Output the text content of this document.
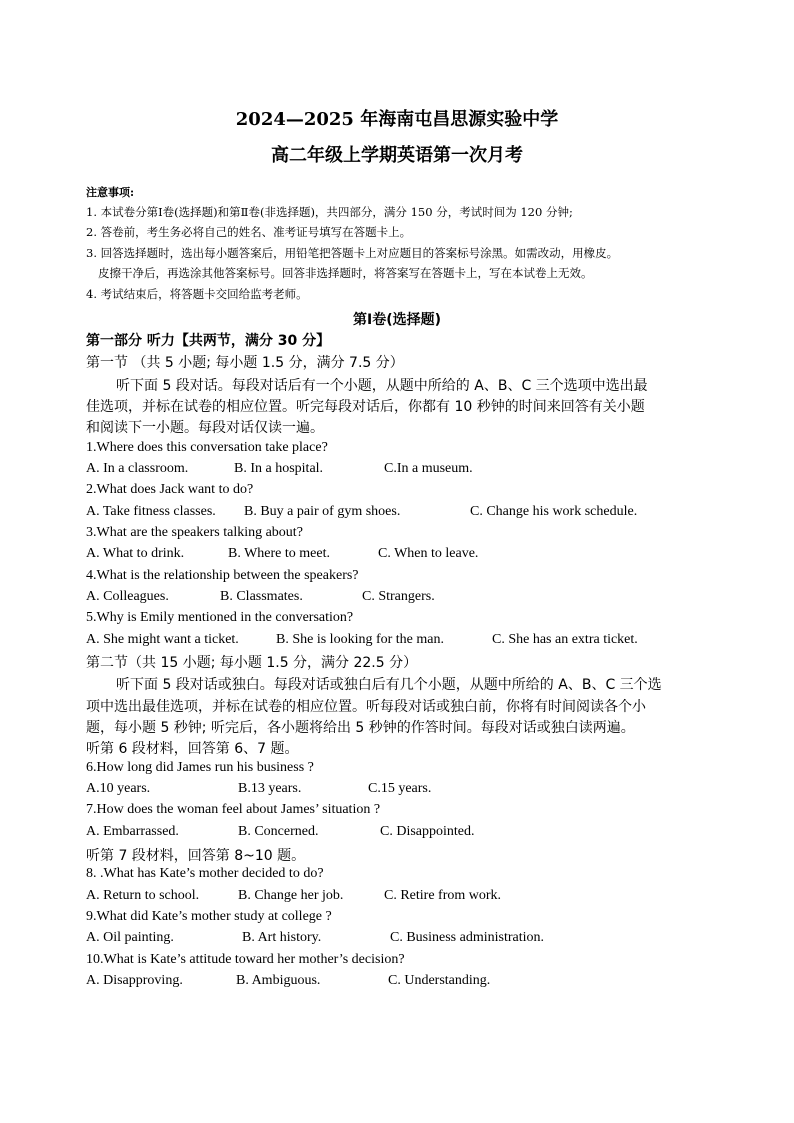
2024—2025 年海南屯昌思源实验中学
高二年级上学期英语第一次月考
注意事项:
1. 本试卷分第Ⅰ卷(选择题)和第Ⅱ卷(非选择题)，共四部分，满分 150 分，考试时间为 120 分钟;
2. 答卷前，考生务必将自己的姓名、准考证号填写在答题卡上。
3. 回答选择题时，选出每小题答案后，用铅笔把答题卡上对应题目的答案标号涂黑。如需改动，用橡皮。
皮擦干净后，再选涂其他答案标号。回答非选择题时，将答案写在答题卡上，写在本试卷上无效。
4. 考试结束后，将答题卡交回给监考老师。
第Ⅰ卷(选择题)
第一部分 听力【共两节，满分 30 分】
第一节 （共 5 小题; 每小题 1.5 分，满分 7.5 分）
听下面 5 段对话。每段对话后有一个小题，从题中所给的 A、B、C 三个选项中选出最
佳选项，并标在试卷的相应位置。听完每段对话后，你都有 10 秒钟的时间来回答有关小题
和阅读下一小题。每段对话仅读一遍。
1.Where does this conversation take place?
A. In a classroom.	B. In a hospital.	C.In a museum.
2.What does Jack want to do?
A. Take fitness classes. B. Buy a pair of gym shoes.	C. Change his work schedule.
3.What are the speakers talking about?
A. What to drink.	B. Where to meet.	C. When to leave.
4.What is the relationship between the speakers?
A. Colleagues.	B. Classmates.	C. Strangers.
5.Why is Emily mentioned in the conversation?
A. She might want a ticket.	B. She is looking for the man.	C. She has an extra ticket.
第二节（共 15 小题; 每小题 1.5 分，满分 22.5 分）
听下面 5 段对话或独白。每段对话或独白后有几个小题，从题中所给的 A、B、C 三个选
项中选出最佳选项，并标在试卷的相应位置。听每段对话或独白前，你将有时间阅读各个小
题，每小题 5 秒钟; 听完后，各小题将给出 5 秒钟的作答时间。每段对话或独白读两遍。
听第 6 段材料，回答第 6、7 题。
6.How long did James run his business ?
A.10 years.	B.13 years.	C.15 years.
7.How does the woman feel about James’ situation ?
A. Embarrassed.	B. Concerned.	C. Disappointed.
听第 7 段材料，回答第 8~10 题。
8. .What has Kate’s mother decided to do?
A. Return to school.	B. Change her job.	C. Retire from work.
9.What did Kate’s mother study at college ?
A. Oil painting.	B. Art history.	C. Business administration.
10.What is Kate’s attitude toward her mother’s decision?
A. Disapproving.	B. Ambiguous.	C. Understanding.
